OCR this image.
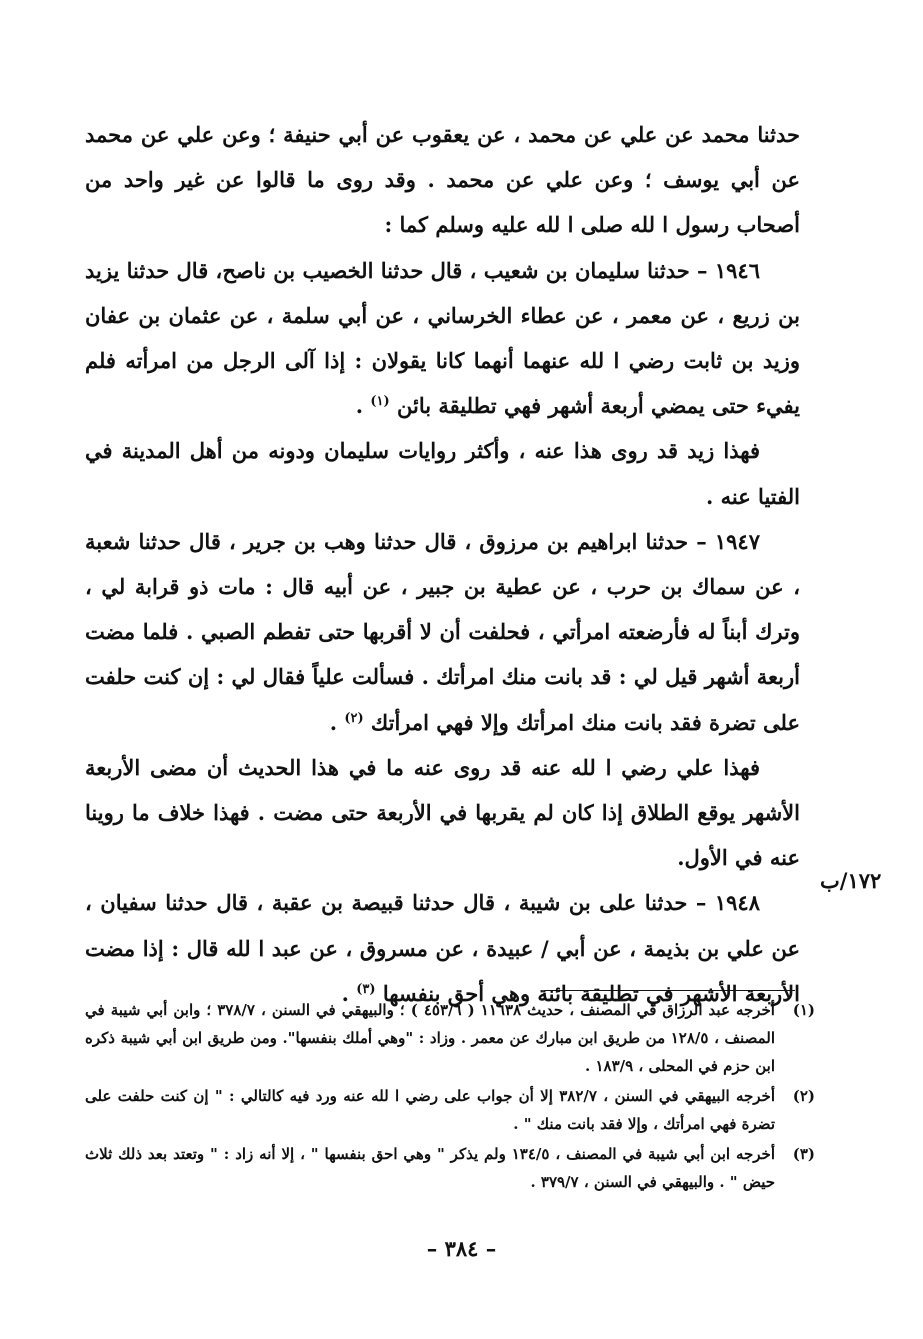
حدثنا محمد عن علي عن محمد ، عن يعقوب عن أبي حنيفة ؛ وعن علي عن محمد عن أبي يوسف ؛ وعن علي عن محمد . وقد روى ما قالوا عن غير واحد من أصحاب رسول ا لله صلى ا لله عليه وسلم كما :

١٩٤٦ – حدثنا سليمان بن شعيب ، قال حدثنا الخصيب بن ناصح، قال حدثنا يزيد بن زريع ، عن معمر ، عن عطاء الخرساني ، عن أبي سلمة ، عن عثمان بن عفان وزيد بن ثابت رضي ا لله عنهما أنهما كانا يقولان : إذا آلى الرجل من امرأته فلم يفيء حتى يمضي أربعة أشهر فهي تطليقة بائن $^{(١)}$ .

فهذا زيد قد روى هذا عنه ، وأكثر روايات سليمان ودونه من أهل المدينة في الفتيا عنه .

١٩٤٧ – حدثنا ابراهيم بن مرزوق ، قال حدثنا وهب بن جرير ، قال حدثنا شعبة ، عن سماك بن حرب ، عن عطية بن جبير ، عن أبيه قال : مات ذو قرابة لي ، وترك أبناً له فأرضعته امرأتي ، فحلفت أن لا أقربها حتى تفطم الصبي . فلما مضت أربعة أشهر قيل لي : قد بانت منك امرأتك . فسألت علياً فقال لي : إن كنت حلفت على تضرة فقد بانت منك امرأتك وإلا فهي امرأتك $^{(٢)}$ .

فهذا علي رضي ا لله عنه قد روى عنه ما في هذا الحديث أن مضى الأربعة الأشهر يوقع الطلاق إذا كان لم يقربها في الأربعة حتى مضت . فهذا خلاف ما روينا عنه في الأول.

١٩٤٨ – حدثنا على بن شيبة ، قال حدثنا قبيصة بن عقبة ، قال حدثنا سفيان ، عن علي بن بذيمة ، عن أبي / عبيدة ، عن مسروق ، عن عبد ا لله قال : إذا مضت الأربعة الأشهر في تطليقة بائنة وهي أحق بنفسها $^{(٣)}$ .

١٧٢/ب
(١)
أخرجه عبد الرزاق في المصنف ، حديث ١١٦٣٨ ( ٤٥٣/٦ ) ؛ والبيهقي في السنن ، ٣٧٨/٧ ؛ وابن أبي شيبة في المصنف ، ١٢٨/٥ من طريق ابن مبارك عن معمر . وزاد : "وهي أملك بنفسها". ومن طريق ابن أبي شيبة ذكره ابن حزم في المحلى ، ١٨٣/٩ .
(٢)
أخرجه البيهقي في السنن ، ٣٨٢/٧ إلا أن جواب على رضي ا لله عنه ورد فيه كالتالي : " إن كنت حلفت على تضرة فهي امرأتك ، وإلا فقد بانت منك " .
(٣)
أخرجه ابن أبي شيبة في المصنف ، ١٣٤/٥ ولم يذكر " وهي احق بنفسها " ، إلا أنه زاد : " وتعتد بعد ذلك ثلاث حيض " . والبيهقي في السنن ، ٣٧٩/٧ .
– ٣٨٤ –
